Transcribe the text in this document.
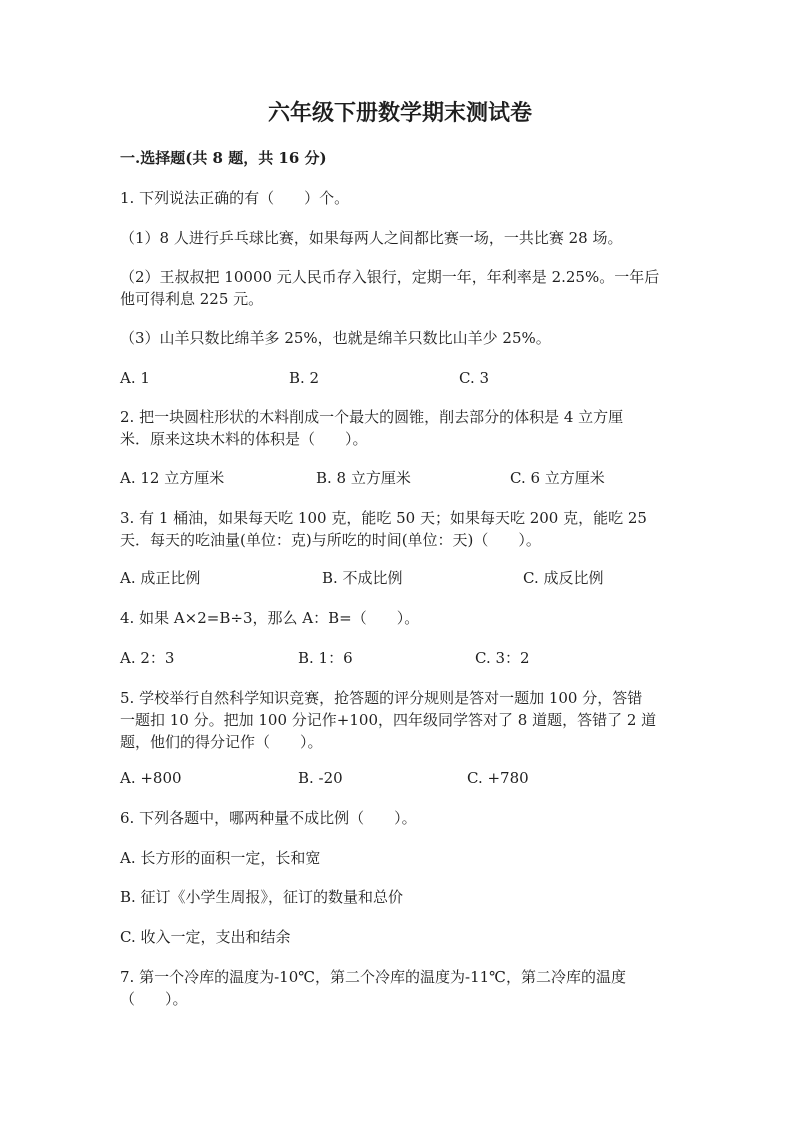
六年级下册数学期末测试卷
一.选择题(共 8 题，共 16 分)
1. 下列说法正确的有（　　）个。
（1）8 人进行乒乓球比赛，如果每两人之间都比赛一场，一共比赛 28 场。
（2）王叔叔把 10000 元人民币存入银行，定期一年，年利率是 2.25%。一年后
他可得利息 225 元。
（3）山羊只数比绵羊多 25%，也就是绵羊只数比山羊少 25%。
A. 1	B. 2	C. 3
2. 把一块圆柱形状的木料削成一个最大的圆锥，削去部分的体积是 4 立方厘
米．原来这块木料的体积是（　　）。
A. 12 立方厘米	B. 8 立方厘米	C. 6 立方厘米
3. 有 1 桶油，如果每天吃 100 克，能吃 50 天；如果每天吃 200 克，能吃 25
天．每天的吃油量(单位：克)与所吃的时间(单位：天)（　　）。
A. 成正比例	B. 不成比例	C. 成反比例
4. 如果 A×2=B÷3，那么 A：B=（　　）。
A. 2：3	B. 1：6	C. 3：2
5. 学校举行自然科学知识竞赛，抢答题的评分规则是答对一题加 100 分，答错
一题扣 10 分。把加 100 分记作+100，四年级同学答对了 8 道题，答错了 2 道
题，他们的得分记作（　　）。
A. +800	B. -20	C. +780
6. 下列各题中，哪两种量不成比例（　　）。
A. 长方形的面积一定，长和宽
B. 征订《小学生周报》，征订的数量和总价
C. 收入一定，支出和结余
7. 第一个冷库的温度为-10℃，第二个冷库的温度为-11℃，第二冷库的温度
（　　）。
